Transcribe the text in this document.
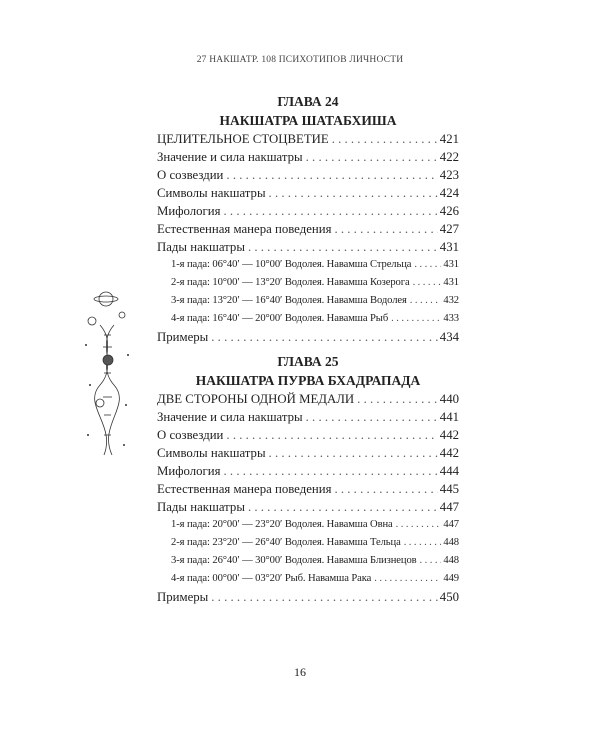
27 НАКШАТР. 108 ПСИХОТИПОВ ЛИЧНОСТИ
ГЛАВА 24
НАКШАТРА ШАТАБХИША
ЦЕЛИТЕЛЬНОЕ СТОЦВЕТИЕ . . .	421
Значение и сила накшатры . . .	422
О созвездии . . .	423
Символы накшатры . . .	424
Мифология . . .	426
Естественная манера поведения . . .	427
Пады накшатры . . .	431
1-я пада: 06°40′ — 10°00′ Водолея. Навамша Стрельца . . .	431
2-я пада: 10°00′ — 13°20′ Водолея. Навамша Козерога . . .	431
3-я пада: 13°20′ — 16°40′ Водолея. Навамша Водолея . . .	432
4-я пада: 16°40′ — 20°00′ Водолея. Навамша Рыб . . .	433
Примеры . . .	434
ГЛАВА 25
НАКШАТРА ПУРВА БХАДРАПАДА
ДВЕ СТОРОНЫ ОДНОЙ МЕДАЛИ . . .	440
Значение и сила накшатры . . .	441
О созвездии . . .	442
Символы накшатры . . .	442
Мифология . . .	444
Естественная манера поведения . . .	445
Пады накшатры . . .	447
1-я пада: 20°00′ — 23°20′ Водолея. Навамша Овна . . .	447
2-я пада: 23°20′ — 26°40′ Водолея. Навамша Тельца . . .	448
3-я пада: 26°40′ — 30°00′ Водолея. Навамша Близнецов . . .	448
4-я пада: 00°00′ — 03°20′ Рыб. Навамша Рака . . .	449
Примеры . . .	450
16
